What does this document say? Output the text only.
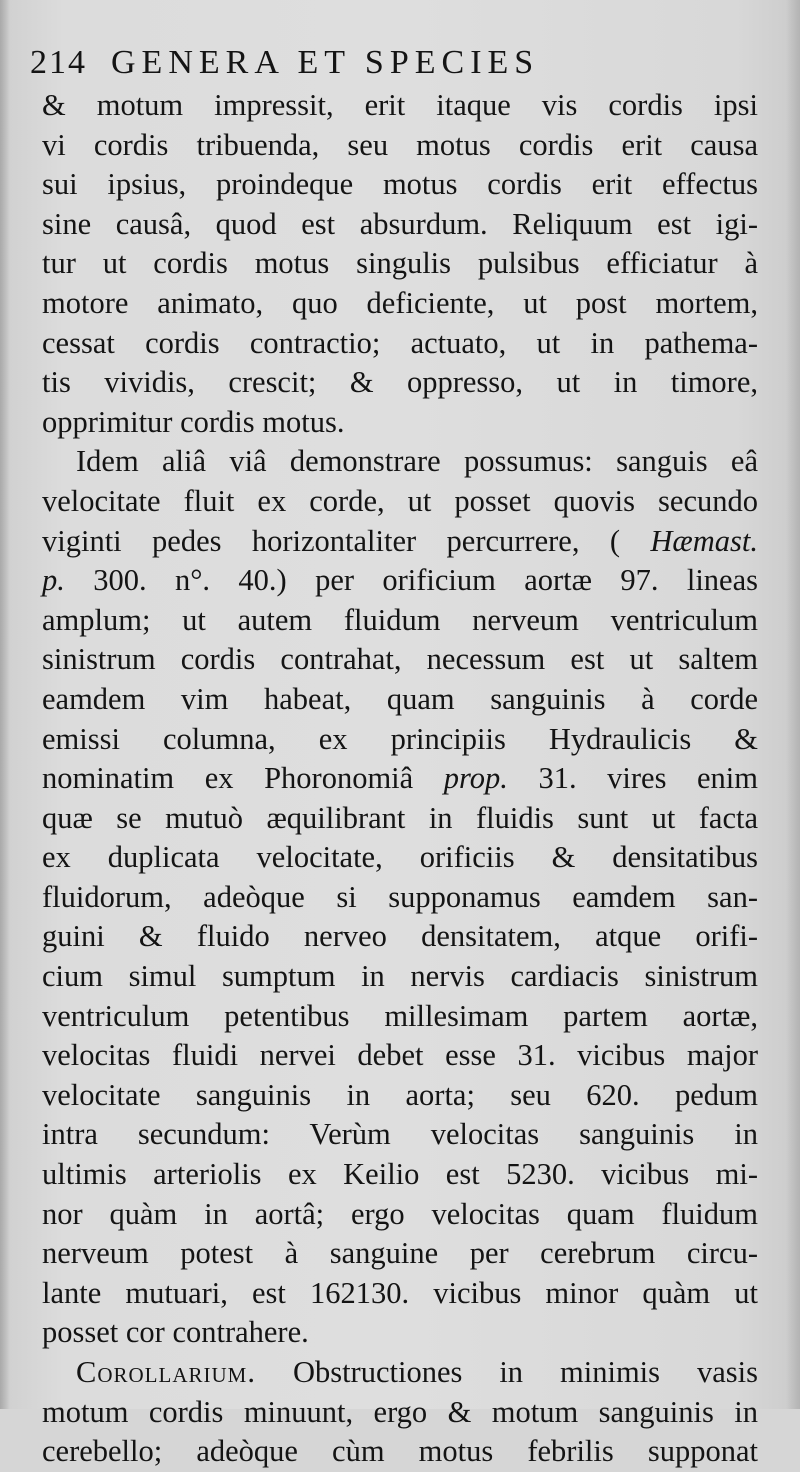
214 GENERA ET SPECIES
& motum impressit, erit itaque vis cordis ipsi
vi cordis tribuenda, seu motus cordis erit causa
sui ipsius, proindeque motus cordis erit effectus
sine causâ, quod est absurdum. Reliquum est igi-
tur ut cordis motus singulis pulsibus efficiatur à
motore animato, quo deficiente, ut post mortem,
cessat cordis contractio; actuato, ut in pathema-
tis vividis, crescit; & oppresso, ut in timore,
opprimitur cordis motus.
Idem aliâ viâ demonstrare possumus: sanguis eâ
velocitate fluit ex corde, ut posset quovis secundo
viginti pedes horizontaliter percurrere, ( Hæmast.
p. 300. n°. 40.) per orificium aortæ 97. lineas
amplum; ut autem fluidum nerveum ventriculum
sinistrum cordis contrahat, necessum est ut saltem
eamdem vim habeat, quam sanguinis à corde
emissi columna, ex principiis Hydraulicis &
nominatim ex Phoronomiâ prop. 31. vires enim
quæ se mutuò æquilibrant in fluidis sunt ut facta
ex duplicata velocitate, orificiis & densitatibus
fluidorum, adeòque si supponamus eamdem san-
guini & fluido nerveo densitatem, atque orifi-
cium simul sumptum in nervis cardiacis sinistrum
ventriculum petentibus millesimam partem aortæ,
velocitas fluidi nervei debet esse 31. vicibus major
velocitate sanguinis in aorta; seu 620. pedum
intra secundum: Verùm velocitas sanguinis in
ultimis arteriolis ex Keilio est 5230. vicibus mi-
nor quàm in aortâ; ergo velocitas quam fluidum
nerveum potest à sanguine per cerebrum circu-
lante mutuari, est 162130. vicibus minor quàm ut
posset cor contrahere.
Corollarium. Obstructiones in minimis vasis
motum cordis minuunt, ergo & motum sanguinis in
cerebello; adeòque cùm motus febrilis supponat
